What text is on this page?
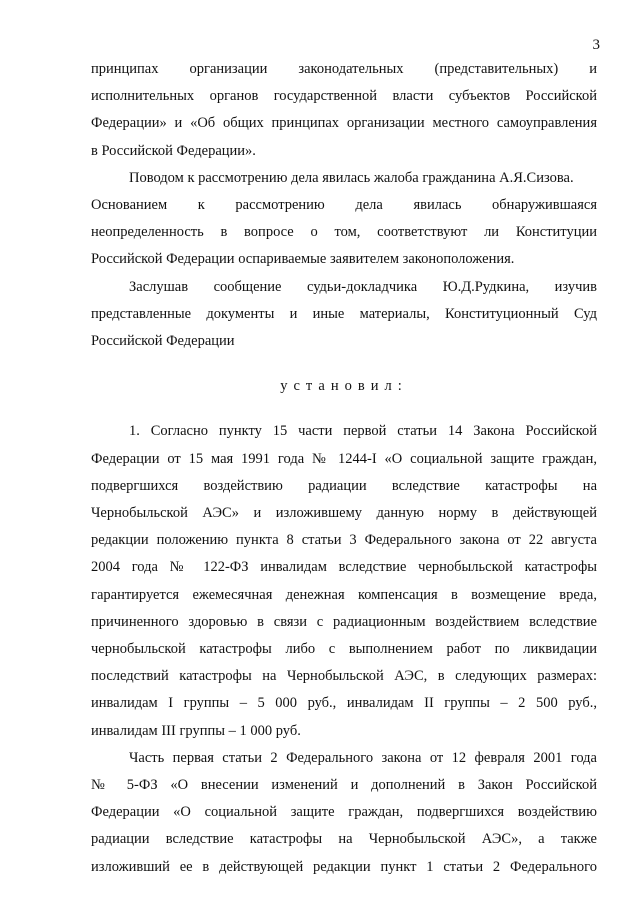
3

принципах организации законодательных (представительных) и
исполнительных органов государственной власти субъектов Российской
Федерации» и «Об общих принципах организации местного самоуправления
в Российской Федерации».

Поводом к рассмотрению дела явилась жалоба гражданина А.Я.Сизова.
Основанием к рассмотрению дела явилась обнаружившаяся
неопределенность в вопросе о том, соответствуют ли Конституции
Российской Федерации оспариваемые заявителем законоположения.

Заслушав сообщение судьи-докладчика Ю.Д.Рудкина, изучив
представленные документы и иные материалы, Конституционный Суд
Российской Федерации

установил:

1. Согласно пункту 15 части первой статьи 14 Закона Российской
Федерации от 15 мая 1991 года № 1244-I «О социальной защите граждан,
подвергшихся воздействию радиации вследствие катастрофы на
Чернобыльской АЭС» и изложившему данную норму в действующей
редакции положению пункта 8 статьи 3 Федерального закона от 22 августа
2004 года № 122-ФЗ инвалидам вследствие чернобыльской катастрофы
гарантируется ежемесячная денежная компенсация в возмещение вреда,
причиненного здоровью в связи с радиационным воздействием вследствие
чернобыльской катастрофы либо с выполнением работ по ликвидации
последствий катастрофы на Чернобыльской АЭС, в следующих размерах:
инвалидам I группы – 5 000 руб., инвалидам II группы – 2 500 руб.,
инвалидам III группы – 1 000 руб.

Часть первая статьи 2 Федерального закона от 12 февраля 2001 года
№ 5-ФЗ «О внесении изменений и дополнений в Закон Российской
Федерации «О социальной защите граждан, подвергшихся воздействию
радиации вследствие катастрофы на Чернобыльской АЭС», а также
изложивший ее в действующей редакции пункт 1 статьи 2 Федерального
